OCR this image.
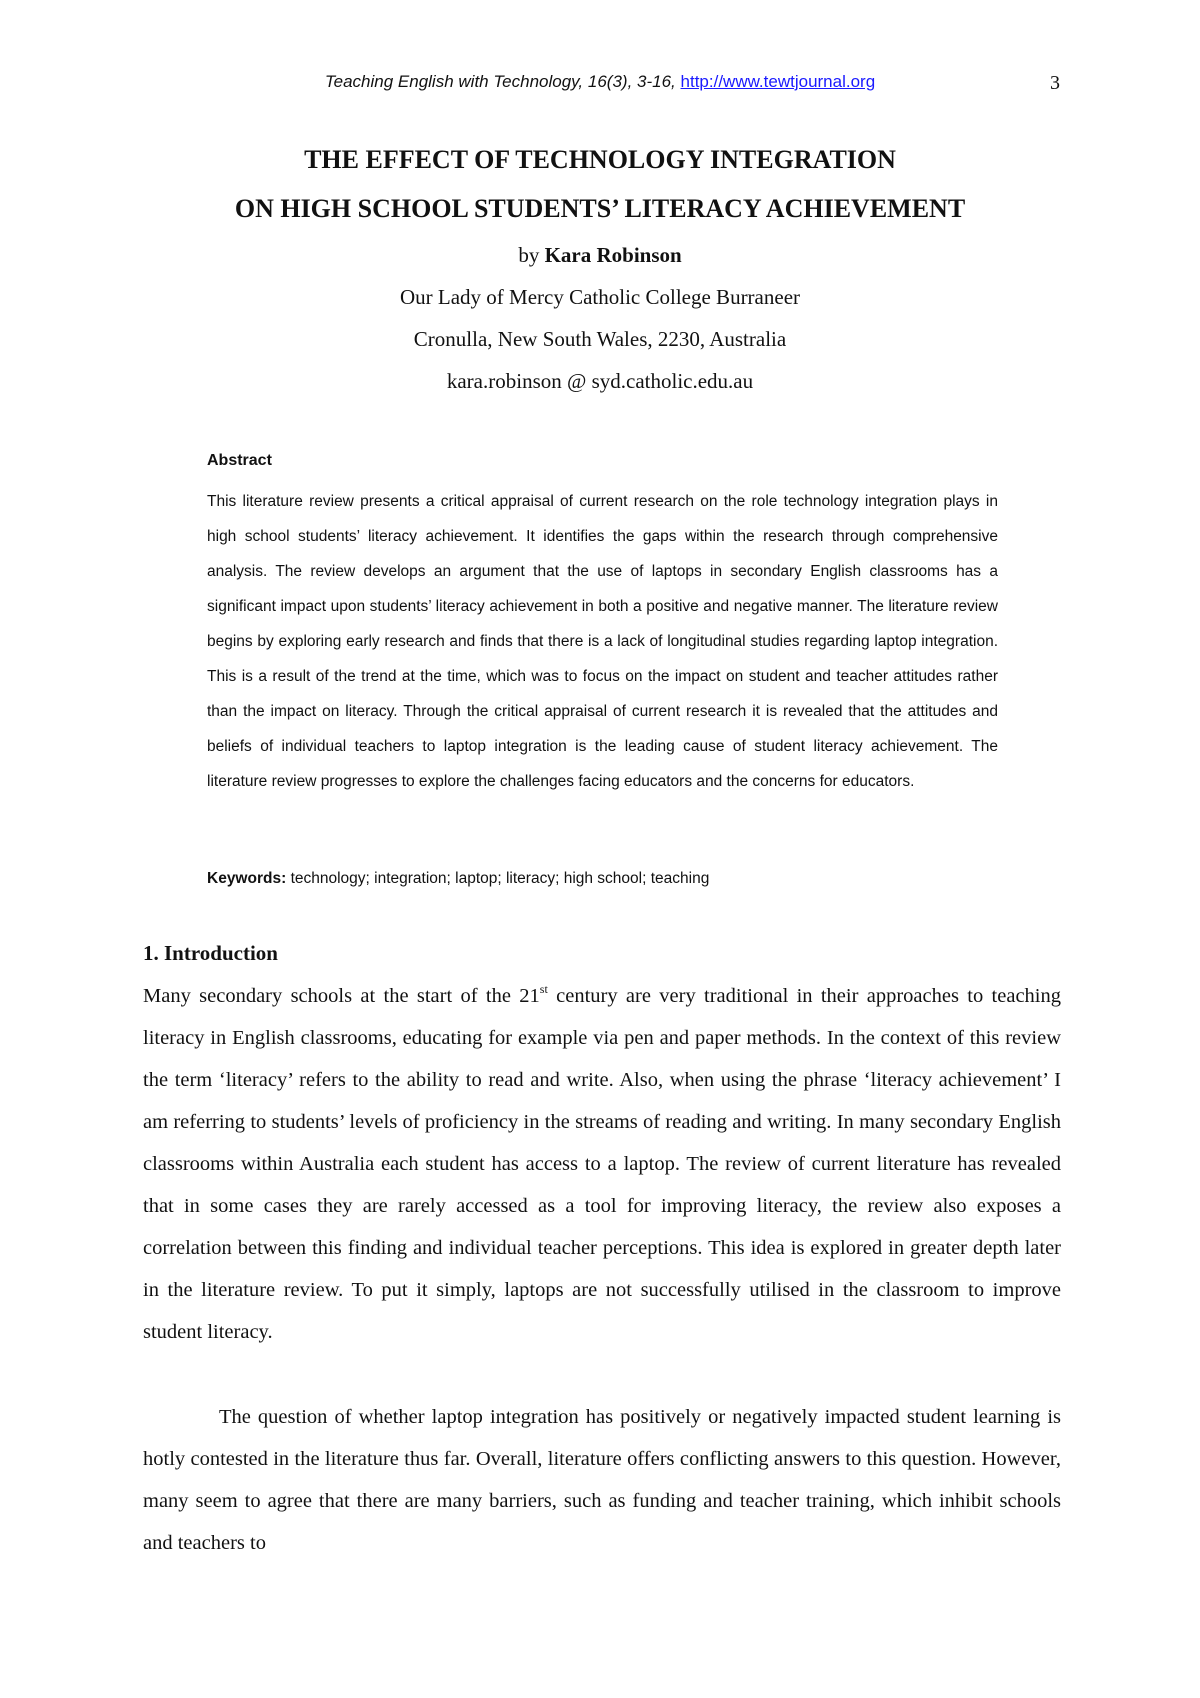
Teaching English with Technology, 16(3), 3-16, http://www.tewtjournal.org	3
THE EFFECT OF TECHNOLOGY INTEGRATION
ON HIGH SCHOOL STUDENTS’ LITERACY ACHIEVEMENT
by Kara Robinson
Our Lady of Mercy Catholic College Burraneer
Cronulla, New South Wales, 2230, Australia
kara.robinson @ syd.catholic.edu.au
Abstract
This literature review presents a critical appraisal of current research on the role technology integration plays in high school students’ literacy achievement. It identifies the gaps within the research through comprehensive analysis. The review develops an argument that the use of laptops in secondary English classrooms has a significant impact upon students’ literacy achievement in both a positive and negative manner. The literature review begins by exploring early research and finds that there is a lack of longitudinal studies regarding laptop integration. This is a result of the trend at the time, which was to focus on the impact on student and teacher attitudes rather than the impact on literacy. Through the critical appraisal of current research it is revealed that the attitudes and beliefs of individual teachers to laptop integration is the leading cause of student literacy achievement. The literature review progresses to explore the challenges facing educators and the concerns for educators.
Keywords: technology; integration; laptop; literacy; high school; teaching
1. Introduction
Many secondary schools at the start of the 21st century are very traditional in their approaches to teaching literacy in English classrooms, educating for example via pen and paper methods. In the context of this review the term ‘literacy’ refers to the ability to read and write. Also, when using the phrase ‘literacy achievement’ I am referring to students’ levels of proficiency in the streams of reading and writing. In many secondary English classrooms within Australia each student has access to a laptop. The review of current literature has revealed that in some cases they are rarely accessed as a tool for improving literacy, the review also exposes a correlation between this finding and individual teacher perceptions. This idea is explored in greater depth later in the literature review. To put it simply, laptops are not successfully utilised in the classroom to improve student literacy.
The question of whether laptop integration has positively or negatively impacted student learning is hotly contested in the literature thus far. Overall, literature offers conflicting answers to this question. However, many seem to agree that there are many barriers, such as funding and teacher training, which inhibit schools and teachers to
